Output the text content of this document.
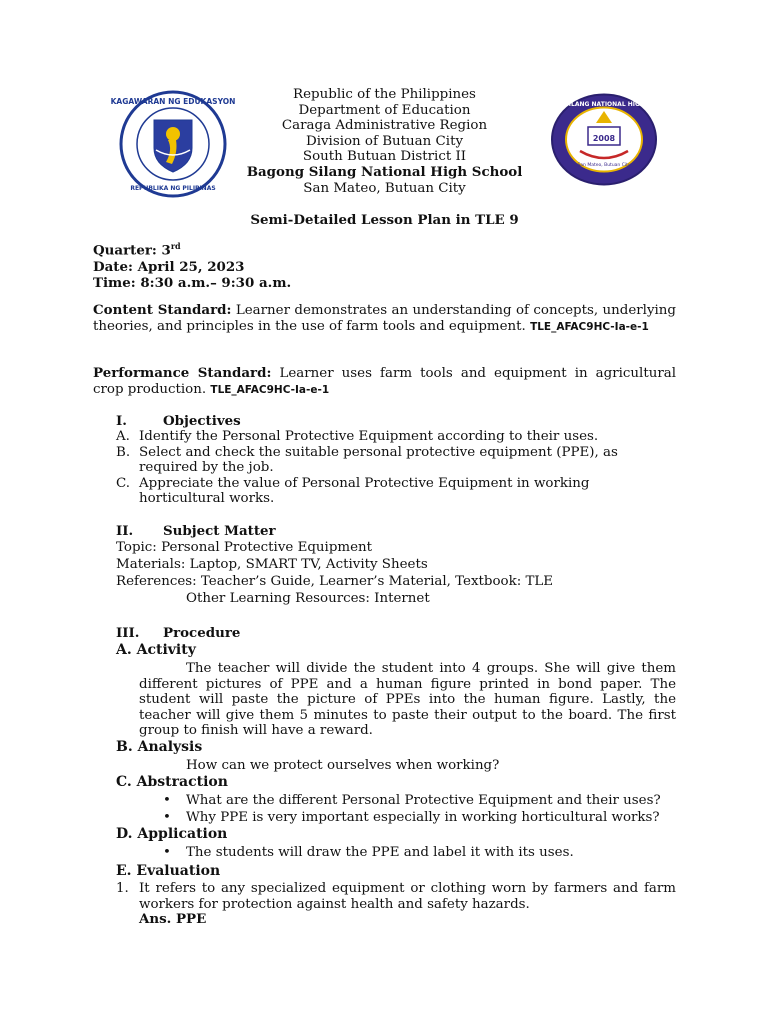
KAGAWARAN NG EDUKASYON
REPUBLIKA NG PILIPINAS
2008
BAGONG SILANG NATIONAL HIGH SCHOOL
San Mateo, Butuan City
Republic of the Philippines
Department of Education
Caraga Administrative Region
Division of Butuan City
South Butuan District II
Bagong Silang National High School
San Mateo, Butuan City
Semi-Detailed Lesson Plan in TLE 9
Quarter: 3rd
Date: April 25, 2023
Time: 8:30 a.m.– 9:30 a.m.
Content Standard: Learner demonstrates an understanding of concepts, underlying theories, and principles in the use of farm tools and equipment. TLE_AFAC9HC-Ia-e-1
Performance Standard: Learner uses farm tools and equipment in agricultural crop production. TLE_AFAC9HC-Ia-e-1
I.	Objectives
A. Identify the Personal Protective Equipment according to their uses.
B. Select and check the suitable personal protective equipment (PPE), as required by the job.
C. Appreciate the value of Personal Protective Equipment in working horticultural works.
II. Subject Matter
Topic: Personal Protective Equipment
Materials: Laptop, SMART TV, Activity Sheets
References: Teacher’s Guide, Learner’s Material, Textbook: TLE
Other Learning Resources: Internet
III. Procedure
A. Activity
The teacher will divide the student into 4 groups. She will give them different pictures of PPE and a human figure printed in bond paper. The student will paste the picture of PPEs into the human figure. Lastly, the teacher will give them 5 minutes to paste their output to the board. The first group to finish will have a reward.
B. Analysis
How can we protect ourselves when working?
C. Abstraction
• What are the different Personal Protective Equipment and their uses?
• Why PPE is very important especially in working horticultural works?
D. Application
• The students will draw the PPE and label it with its uses.
E. Evaluation
1. It refers to any specialized equipment or clothing worn by farmers and farm workers for protection against health and safety hazards.
Ans. PPE
